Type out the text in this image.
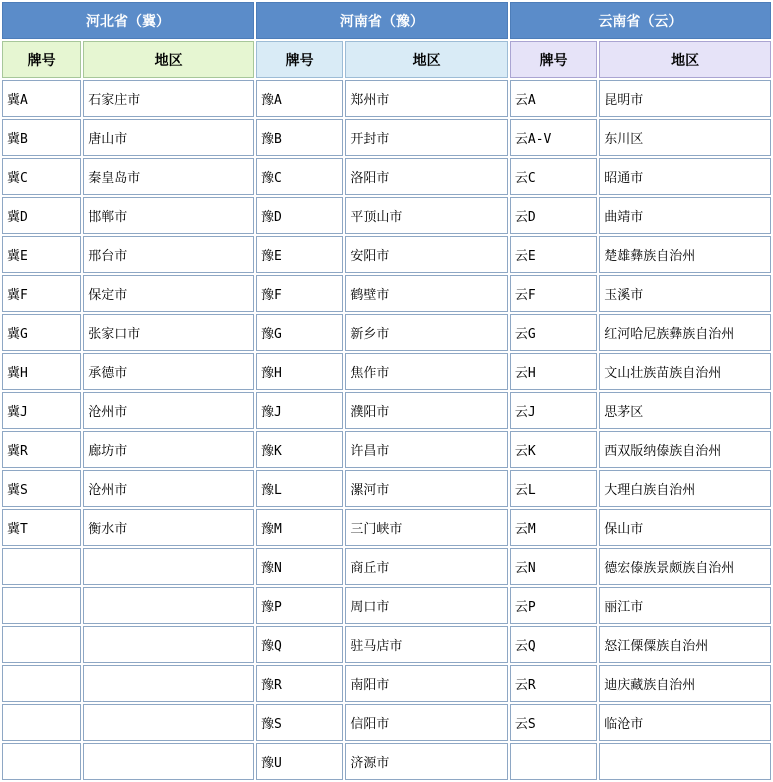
河北省（冀）		河南省（豫）		云南省（云）	
牌号	地区	牌号	地区	牌号	地区
冀A	石家庄市	豫A	郑州市	云A	昆明市
冀B	唐山市	豫B	开封市	云A-V	东川区
冀C	秦皇岛市	豫C	洛阳市	云C	昭通市
冀D	邯郸市	豫D	平顶山市	云D	曲靖市
冀E	邢台市	豫E	安阳市	云E	楚雄彝族自治州
冀F	保定市	豫F	鹤壁市	云F	玉溪市
冀G	张家口市	豫G	新乡市	云G	红河哈尼族彝族自治州
冀H	承德市	豫H	焦作市	云H	文山壮族苗族自治州
冀J	沧州市	豫J	濮阳市	云J	思茅区
冀R	廊坊市	豫K	许昌市	云K	西双版纳傣族自治州
冀S	沧州市	豫L	漯河市	云L	大理白族自治州
冀T	衡水市	豫M	三门峡市	云M	保山市
		豫N	商丘市	云N	德宏傣族景颇族自治州
		豫P	周口市	云P	丽江市
		豫Q	驻马店市	云Q	怒江傈僳族自治州
		豫R	南阳市	云R	迪庆藏族自治州
		豫S	信阳市	云S	临沧市
		豫U	济源市		
